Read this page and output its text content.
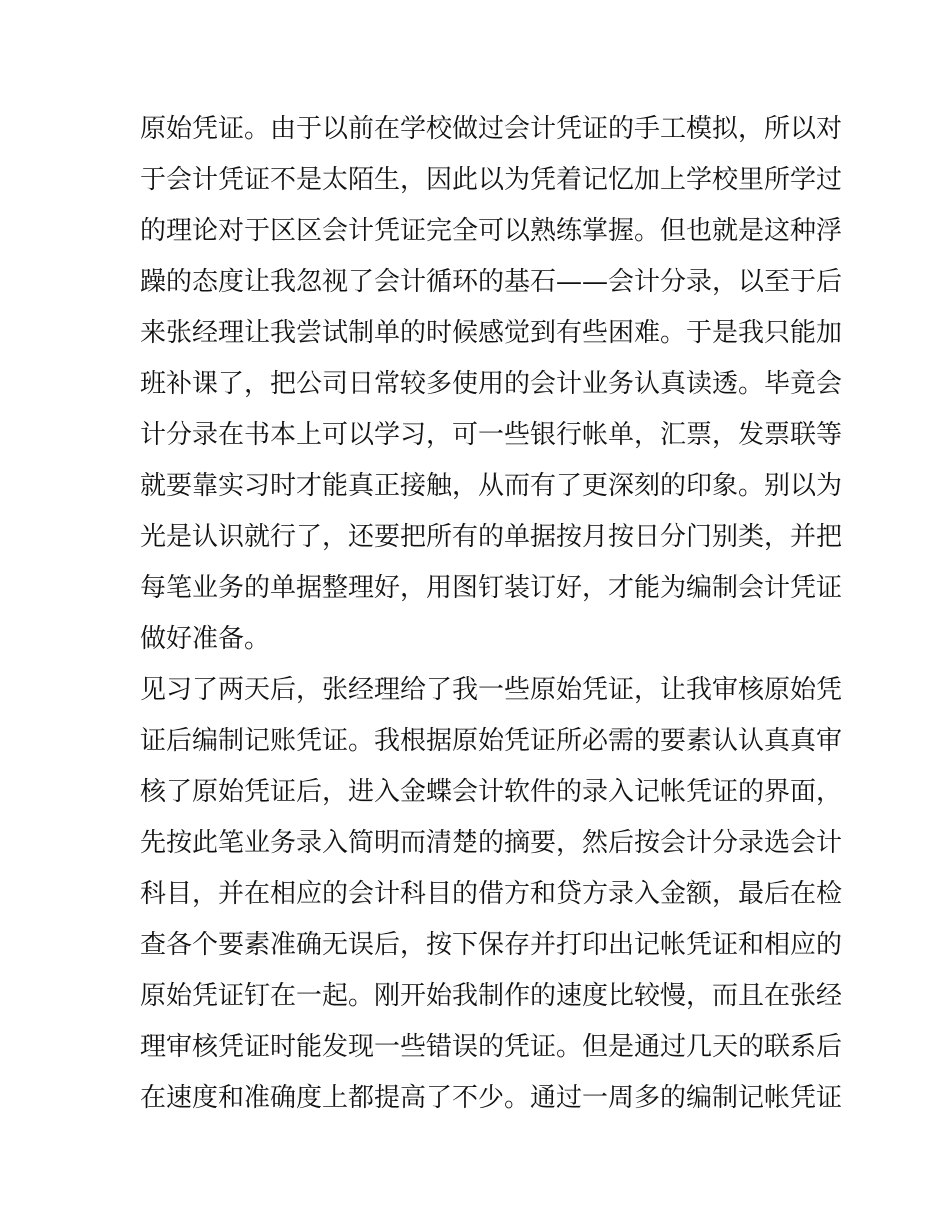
原始凭证。由于以前在学校做过会计凭证的手工模拟，所以对
于会计凭证不是太陌生，因此以为凭着记忆加上学校里所学过
的理论对于区区会计凭证完全可以熟练掌握。但也就是这种浮
躁的态度让我忽视了会计循环的基石——会计分录，以至于后
来张经理让我尝试制单的时候感觉到有些困难。于是我只能加
班补课了，把公司日常较多使用的会计业务认真读透。毕竟会
计分录在书本上可以学习，可一些银行帐单，汇票，发票联等
就要靠实习时才能真正接触，从而有了更深刻的印象。别以为
光是认识就行了，还要把所有的单据按月按日分门别类，并把
每笔业务的单据整理好，用图钉装订好，才能为编制会计凭证
做好准备。
见习了两天后，张经理给了我一些原始凭证，让我审核原始凭
证后编制记账凭证。我根据原始凭证所必需的要素认认真真审
核了原始凭证后，进入金蝶会计软件的录入记帐凭证的界面，
先按此笔业务录入简明而清楚的摘要，然后按会计分录选会计
科目，并在相应的会计科目的借方和贷方录入金额，最后在检
查各个要素准确无误后，按下保存并打印出记帐凭证和相应的
原始凭证钉在一起。刚开始我制作的速度比较慢，而且在张经
理审核凭证时能发现一些错误的凭证。但是通过几天的联系后
在速度和准确度上都提高了不少。通过一周多的编制记帐凭证
